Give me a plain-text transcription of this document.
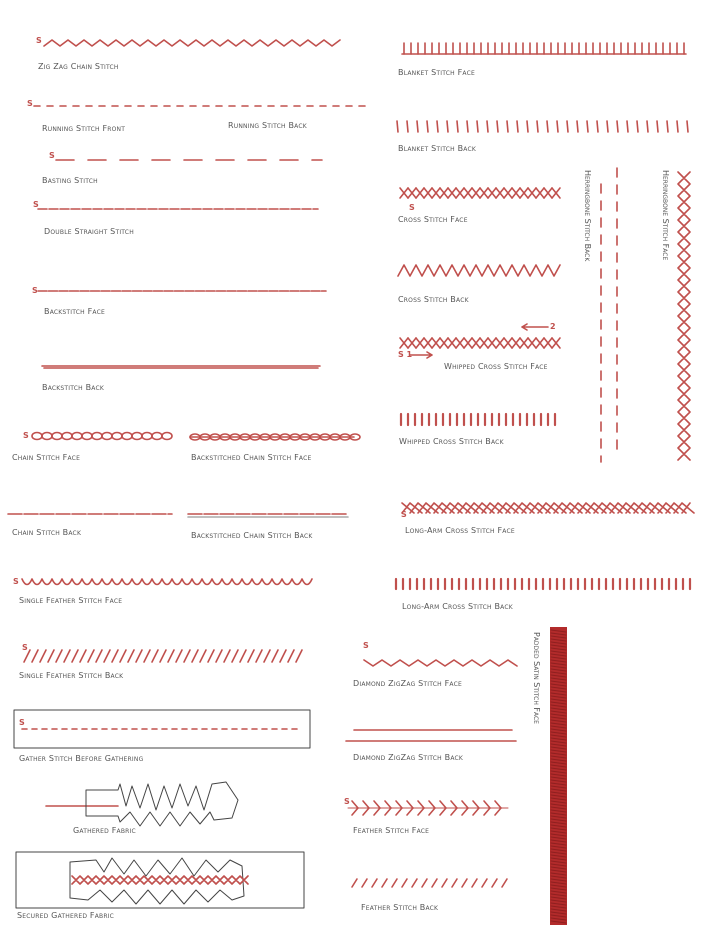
S
S
S
S
S
S
S
S
S
S
S 1
2
S
S
S
Zig Zag Chain Stitch
Running Stitch Front	Running Stitch Back
Basting Stitch
Double Straight Stitch
Backstitch Face
Backstitch Back
Chain Stitch Face	Backstitched Chain Stitch Face
Chain Stitch Back	Backstitched Chain Stitch Back
Single Feather Stitch Face
Single Feather Stitch Back
Gather Stitch Before Gathering
Gathered Fabric
Secured Gathered Fabric
Blanket Stitch Face
Blanket Stitch Back
Cross Stitch Face
Cross Stitch Back
Whipped Cross Stitch Face
Whipped Cross Stitch Back
Long-Arm Cross Stitch Face
Long-Arm Cross Stitch Back
Diamond ZigZag Stitch Face
Diamond ZigZag Stitch Back
Feather Stitch Face
Feather Stitch Back
Herringbone Stitch Back	Herringbone Stitch Face
Padded Satin Stitch Face
